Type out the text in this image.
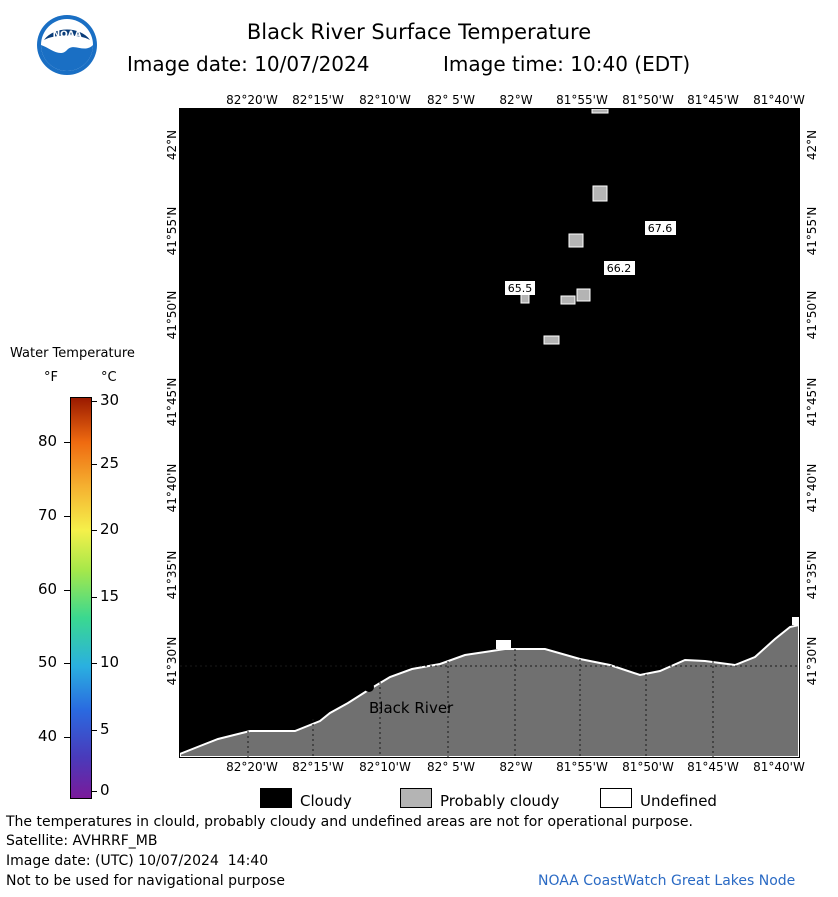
NOAA	Black River Surface Temperature
Image date: 10/07/2024	Image time: 10:40 (EDT)
82°20'W	82°15'W	82°10'W	82° 5'W	82°W	81°55'W	81°50'W	81°45'W	81°40'W
82°20'W	82°15'W	82°10'W	82° 5'W	82°W	81°55'W	81°50'W	81°45'W	81°40'W
42°N
41°55'N
41°50'N
41°45'N
41°40'N
41°35'N
41°30'N
42°N
41°55'N
41°50'N
41°45'N
41°40'N
41°35'N
41°30'N
65.5
66.2
67.6
Black River
Water Temperature
°F	°C
80
70
60
50
40
30
25
20
15
10
5
0
Cloudy	Probably cloudy	Undefined
The temperatures in clould, probably cloudy and undefined areas are not for operational purpose.
Satellite: AVHRRF_MB
Image date: (UTC) 10/07/2024  14:40
Not to be used for navigational purpose	NOAA CoastWatch Great Lakes Node
